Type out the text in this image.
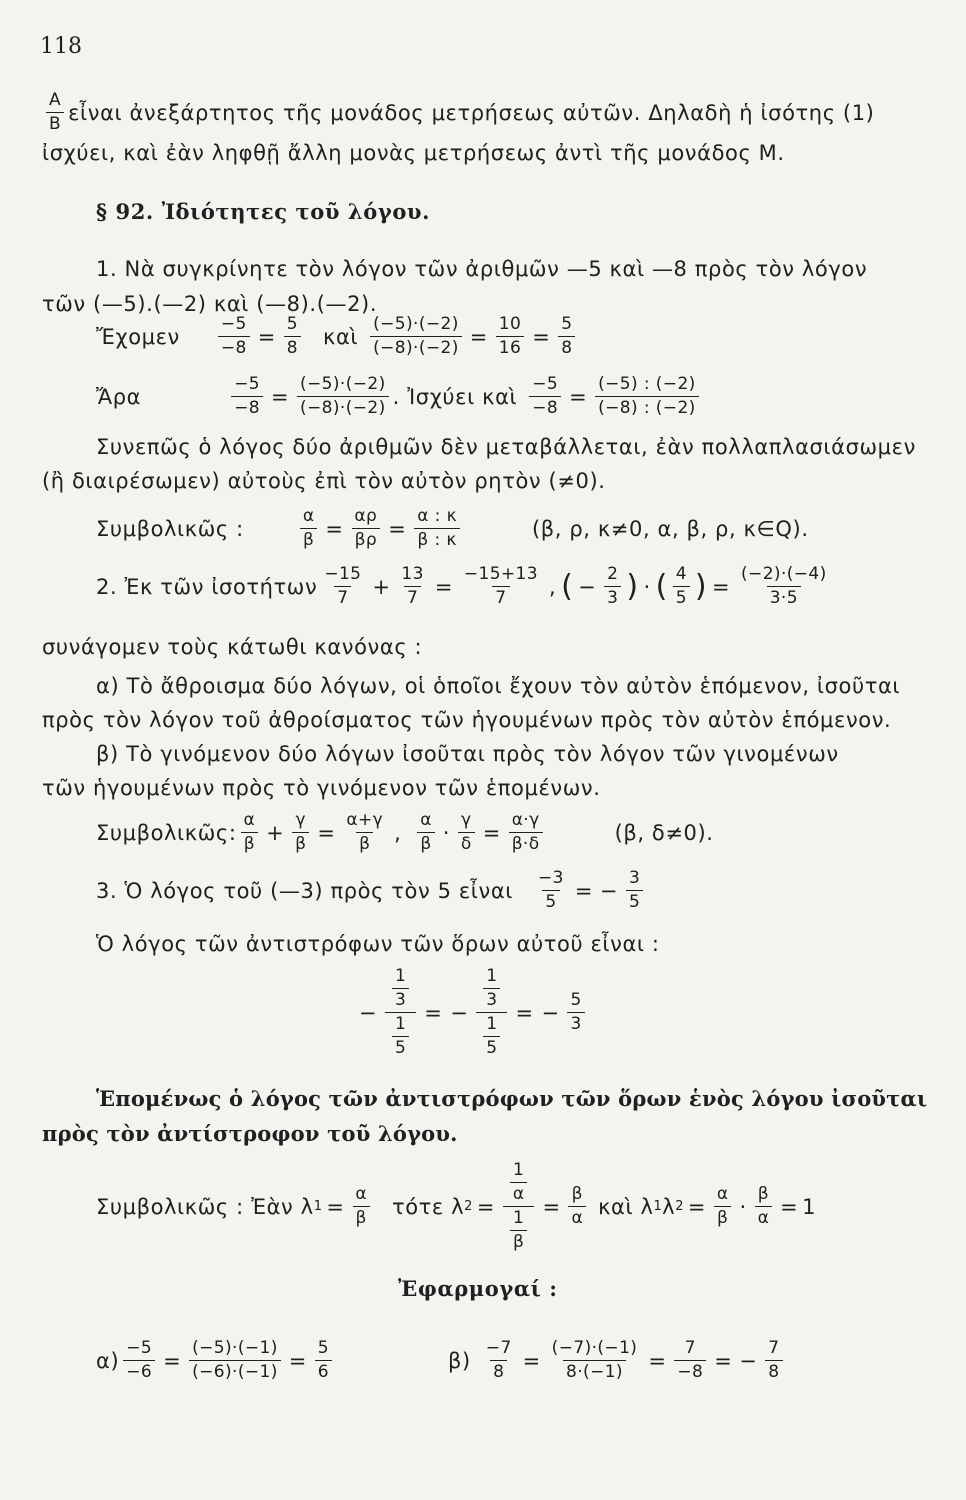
118
$\frac{A}{B}$ εἶναι ἀνεξάρτητος τῆς μονάδος μετρήσεως αὐτῶν. Δηλαδὴ ἡ ἰσότης (1)
ἰσχύει, καὶ ἐὰν ληφθῇ ἄλλη μονὰς μετρήσεως ἀντὶ τῆς μονάδος M.
§ 92. Ἰδιότητες τοῦ λόγου.
1. Νὰ συγκρίνητε τὸν λόγον τῶν ἀριθμῶν —5 καὶ —8 πρὸς τὸν λόγον
τῶν (—5).(—2) καὶ (—8).(—2).
Ἔχομεν $\frac{-5}{-8} = \frac{5}{8}$ καὶ $\frac{(-5)\cdot(-2)}{(-8)\cdot(-2)} = \frac{10}{16} = \frac{5}{8}$
Ἄρα	$\frac{-5}{-8} = \frac{(-5)\cdot(-2)}{(-8)\cdot(-2)}$ . Ἰσχύει καὶ $\frac{-5}{-8} = \frac{(-5) : (-2)}{(-8) : (-2)}$
Συνεπῶς ὁ λόγος δύο ἀριθμῶν δὲν μεταβάλλεται, ἐὰν πολλαπλασιάσωμεν
(ἢ διαιρέσωμεν) αὐτοὺς ἐπὶ τὸν αὐτὸν ρητὸν (≠0).
Συμβολικῶς :	$\frac{\alpha}{\beta} = \frac{\alpha\rho}{\beta\rho} = \frac{\alpha : \kappa}{\beta : \kappa}$	(β, ρ, κ≠0, α, β, ρ, κ∈Q).
2. Ἐκ τῶν ἰσοτήτων $\frac{-15}{7} + \frac{13}{7} = \frac{-15+13}{7}$ , ( − $\frac{2}{3}$ ) · ( $\frac{4}{5}$ ) = $\frac{(-2)\cdot(-4)}{3\cdot 5}$
συνάγομεν τοὺς κάτωθι κανόνας :
α) Τὸ ἄθροισμα δύο λόγων, οἱ ὁποῖοι ἔχουν τὸν αὐτὸν ἑπόμενον, ἰσοῦται
πρὸς τὸν λόγον τοῦ ἀθροίσματος τῶν ἡγουμένων πρὸς τὸν αὐτὸν ἑπόμενον.
β) Τὸ γινόμενον δύο λόγων ἰσοῦται πρὸς τὸν λόγον τῶν γινομένων
τῶν ἡγουμένων πρὸς τὸ γινόμενον τῶν ἑπομένων.
Συμβολικῶς: $\frac{\alpha}{\beta} + \frac{\gamma}{\beta} = \frac{\alpha+\gamma}{\beta}$ , $\frac{\alpha}{\beta} \cdot \frac{\gamma}{\delta} = \frac{\alpha\cdot\gamma}{\beta\cdot\delta}$	(β, δ≠0).
3. Ὁ λόγος τοῦ (—3) πρὸς τὸν 5 εἶναι $\frac{-3}{5}$ = − $\frac{3}{5}$
Ὁ λόγος τῶν ἀντιστρόφων τῶν ὅρων αὐτοῦ εἶναι :
− $\frac{\frac{1}{3}}{\frac{1}{5}}$ = − $\frac{\frac{1}{3}}{\frac{1}{5}}$ = − $\frac{5}{3}$
Ἑπομένως ὁ λόγος τῶν ἀντιστρόφων τῶν ὅρων ἑνὸς λόγου ἰσοῦται
πρὸς τὸν ἀντίστροφον τοῦ λόγου.
Συμβολικῶς : Ἐὰν λ $1 = \frac{\alpha}{\beta}$ τότε λ $2 = \frac{\frac{1}{\alpha}}{\frac{1}{\beta}} = \frac{\beta}{\alpha}$ καὶ λ 1 λ $2 = \frac{\alpha}{\beta} \cdot \frac{\beta}{\alpha} = 1$
Ἐφαρμογαί :
$\alpha) \frac{-5}{-6} = \frac{(-5)\cdot(-1)}{(-6)\cdot(-1)} = \frac{5}{6}$	$\beta) \frac{-7}{8} = \frac{(-7)\cdot(-1)}{8\cdot(-1)} = \frac{7}{-8}$ = − $\frac{7}{8}$
